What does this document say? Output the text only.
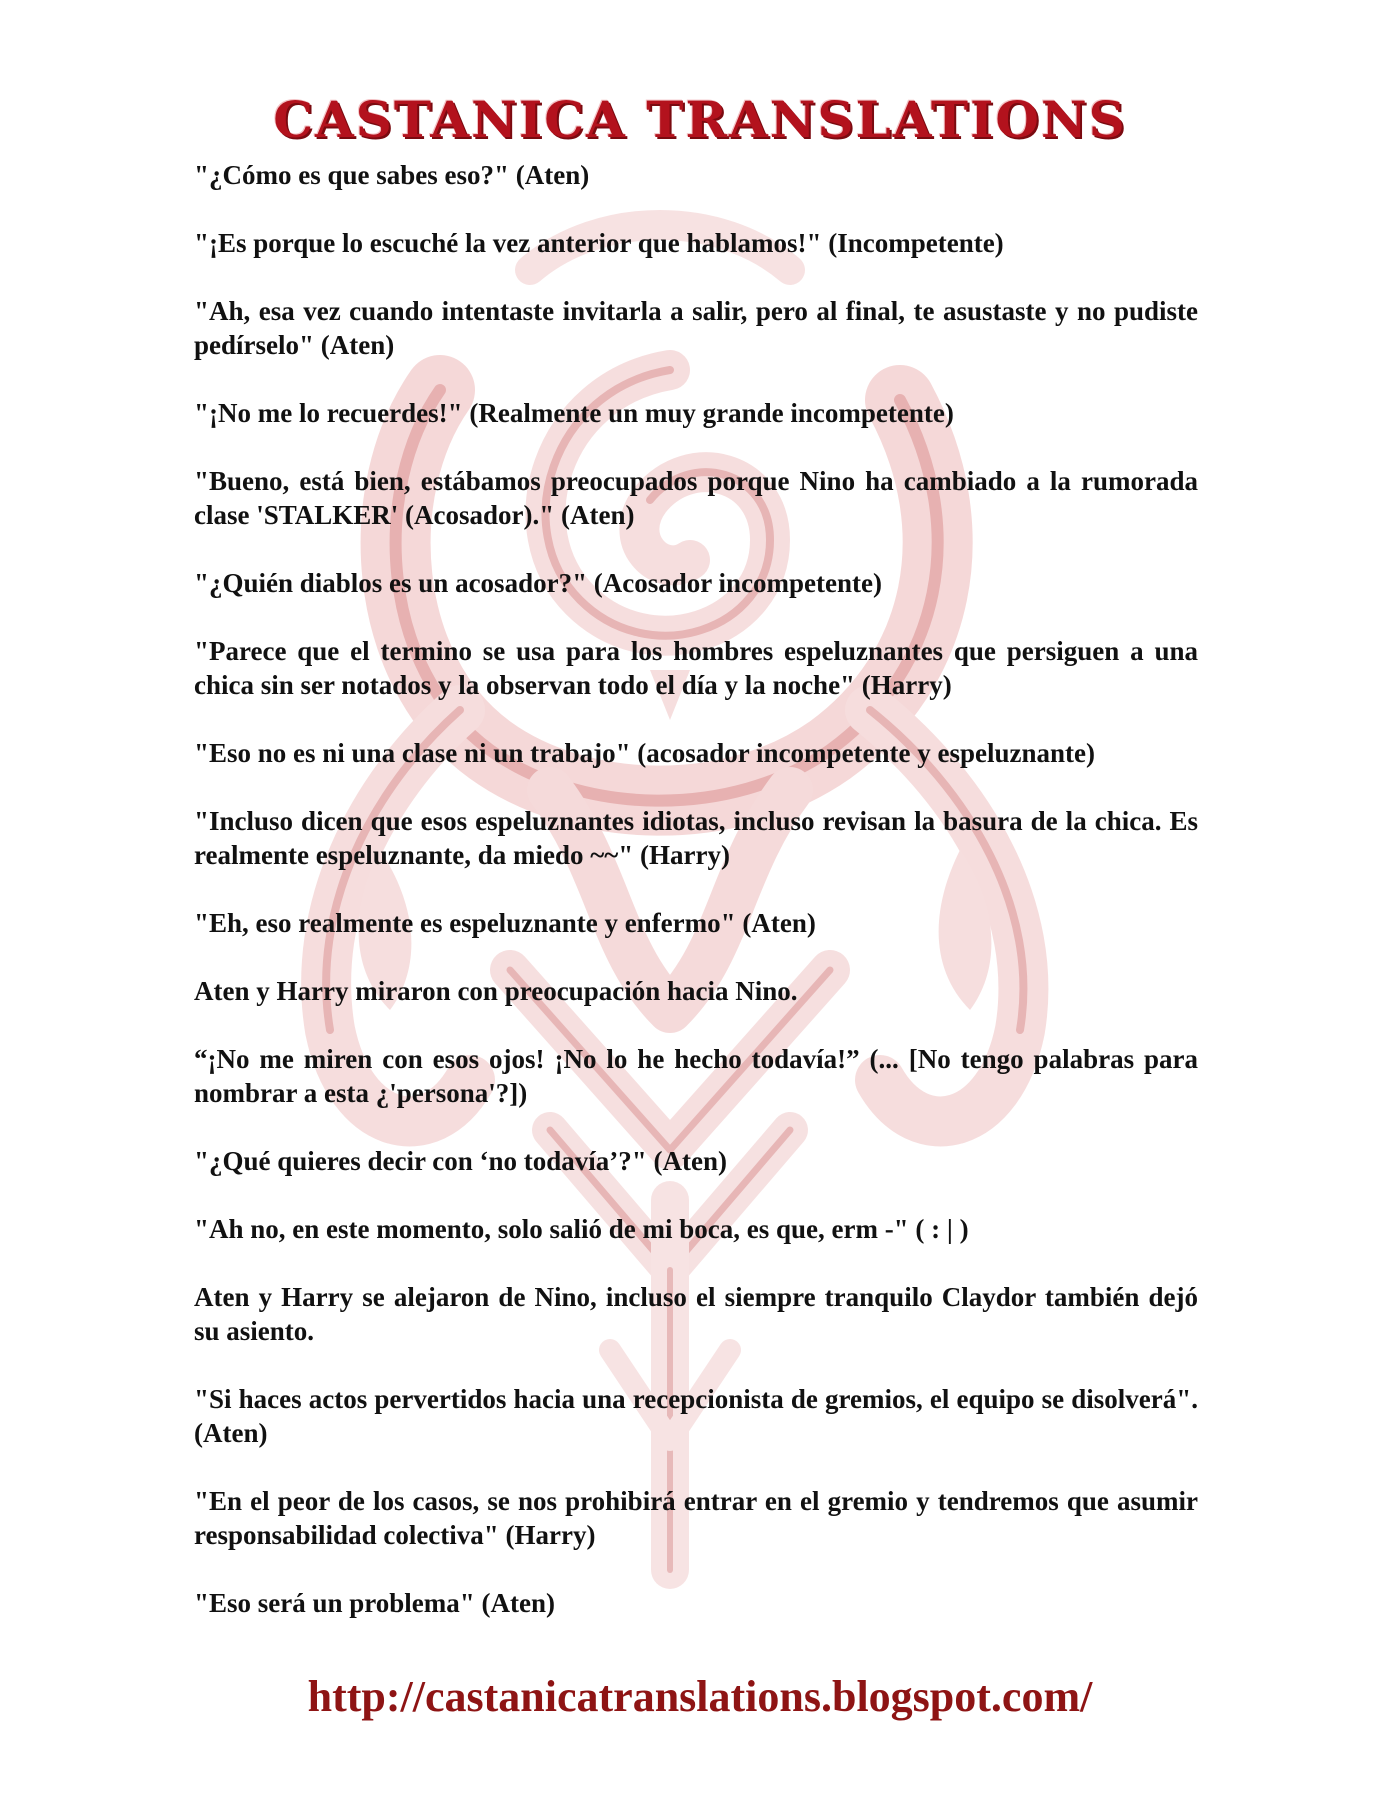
CASTANICA TRANSLATIONS

"¿Cómo es que sabes eso?" (Aten)

"¡Es porque lo escuché la vez anterior que hablamos!" (Incompetente)

"Ah, esa vez cuando intentaste invitarla a salir, pero al final, te asustaste y no pudiste pedírselo" (Aten)

"¡No me lo recuerdes!" (Realmente un muy grande incompetente)

"Bueno, está bien, estábamos preocupados porque Nino ha cambiado a la rumorada clase 'STALKER' (Acosador)." (Aten)

"¿Quién diablos es un acosador?" (Acosador incompetente)

"Parece que el termino se usa para los hombres espeluznantes que persiguen a una chica sin ser notados y la observan todo el día y la noche" (Harry)

"Eso no es ni una clase ni un trabajo" (acosador incompetente y espeluznante)

"Incluso dicen que esos espeluznantes idiotas, incluso revisan la basura de la chica. Es realmente espeluznante, da miedo ~~" (Harry)

"Eh, eso realmente es espeluznante y enfermo" (Aten)

Aten y Harry miraron con preocupación hacia Nino.

“¡No me miren con esos ojos! ¡No lo he hecho todavía!” (... [No tengo palabras para nombrar a esta ¿'persona'?])

"¿Qué quieres decir con ‘no todavía’?" (Aten)

"Ah no, en este momento, solo salió de mi boca, es que, erm -" ( : | )

Aten y Harry se alejaron de Nino, incluso el siempre tranquilo Claydor también dejó su asiento.

"Si haces actos pervertidos hacia una recepcionista de gremios, el equipo se disolverá". (Aten)

"En el peor de los casos, se nos prohibirá entrar en el gremio y tendremos que asumir responsabilidad colectiva" (Harry)

"Eso será un problema" (Aten)

http://castanicatranslations.blogspot.com/
